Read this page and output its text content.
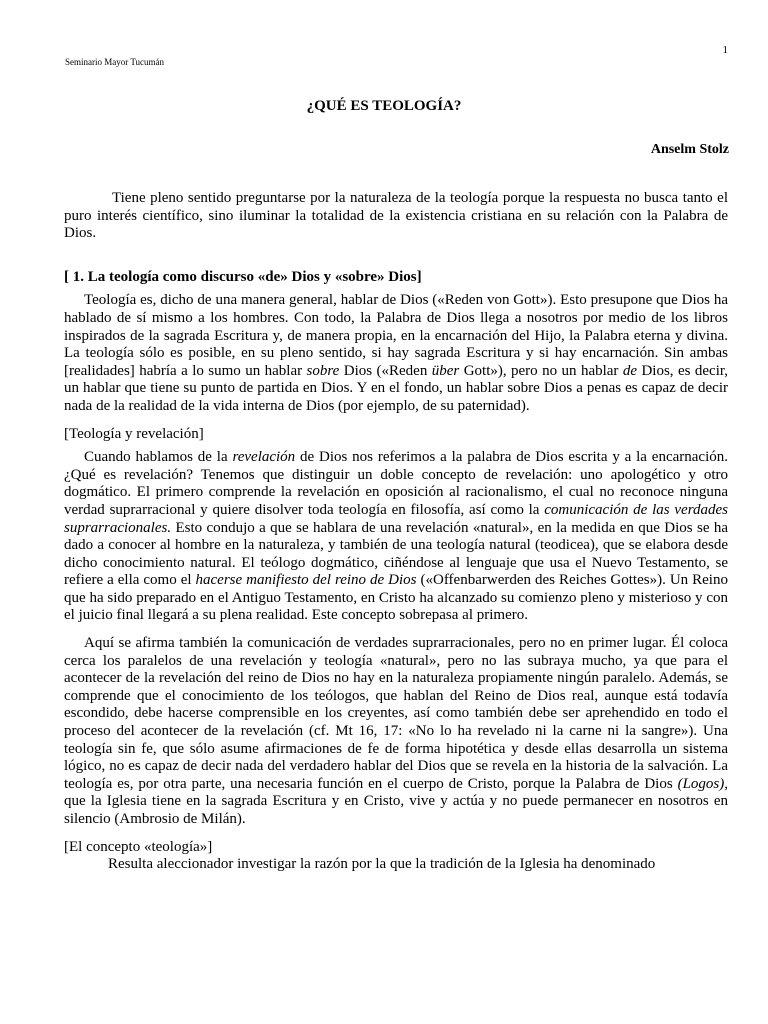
1
Seminario Mayor Tucumán
¿QUÉ ES TEOLOGÍA?
Anselm Stolz

Tiene pleno sentido preguntarse por la naturaleza de la teología porque la respuesta no busca tanto el puro interés científico, sino iluminar la totalidad de la existencia cristiana en su relación con la Palabra de Dios.

[ 1. La teología como discurso «de» Dios y «sobre» Dios]

Teología es, dicho de una manera general, hablar de Dios («Reden von Gott»). Esto presupone que Dios ha hablado de sí mismo a los hombres. Con todo, la Palabra de Dios llega a nosotros por medio de los libros inspirados de la sagrada Escritura y, de manera propia, en la encarnación del Hijo, la Palabra eterna y divina. La teología sólo es posible, en su pleno sentido, si hay sagrada Escritura y si hay encarnación. Sin ambas [realidades] habría a lo sumo un hablar sobre Dios («Reden über Gott»), pero no un hablar de Dios, es decir, un hablar que tiene su punto de partida en Dios. Y en el fondo, un hablar sobre Dios a penas es capaz de decir nada de la realidad de la vida interna de Dios (por ejemplo, de su paternidad).

[Teología y revelación]

Cuando hablamos de la revelación de Dios nos referimos a la palabra de Dios escrita y a la encarnación. ¿Qué es revelación? Tenemos que distinguir un doble concepto de revelación: uno apologético y otro dogmático. El primero comprende la revelación en oposición al racionalismo, el cual no reconoce ninguna verdad suprarracional y quiere disolver toda teología en filosofía, así como la comunicación de las verdades suprarracionales. Esto condujo a que se hablara de una revelación «natural», en la medida en que Dios se ha dado a conocer al hombre en la naturaleza, y también de una teología natural (teodicea), que se elabora desde dicho conocimiento natural. El teólogo dogmático, ciñéndose al lenguaje que usa el Nuevo Testamento, se refiere a ella como el hacerse manifiesto del reino de Dios («Offenbarwerden des Reiches Gottes»). Un Reino que ha sido preparado en el Antiguo Testamento, en Cristo ha alcanzado su comienzo pleno y misterioso y con el juicio final llegará a su plena realidad. Este concepto sobrepasa al primero.

Aquí se afirma también la comunicación de verdades suprarracionales, pero no en primer lugar. Él coloca cerca los paralelos de una revelación y teología «natural», pero no las subraya mucho, ya que para el acontecer de la revelación del reino de Dios no hay en la naturaleza propiamente ningún paralelo. Además, se comprende que el conocimiento de los teólogos, que hablan del Reino de Dios real, aunque está todavía escondido, debe hacerse comprensible en los creyentes, así como también debe ser aprehendido en todo el proceso del acontecer de la revelación (cf. Mt 16, 17: «No lo ha revelado ni la carne ni la sangre»). Una teología sin fe, que sólo asume afirmaciones de fe de forma hipotética y desde ellas desarrolla un sistema lógico, no es capaz de decir nada del verdadero hablar del Dios que se revela en la historia de la salvación. La teología es, por otra parte, una necesaria función en el cuerpo de Cristo, porque la Palabra de Dios (Logos), que la Iglesia tiene en la sagrada Escritura y en Cristo, vive y actúa y no puede permanecer en nosotros en silencio (Ambrosio de Milán).

[El concepto «teología»]

Resulta aleccionador investigar la razón por la que la tradición de la Iglesia ha denominado
